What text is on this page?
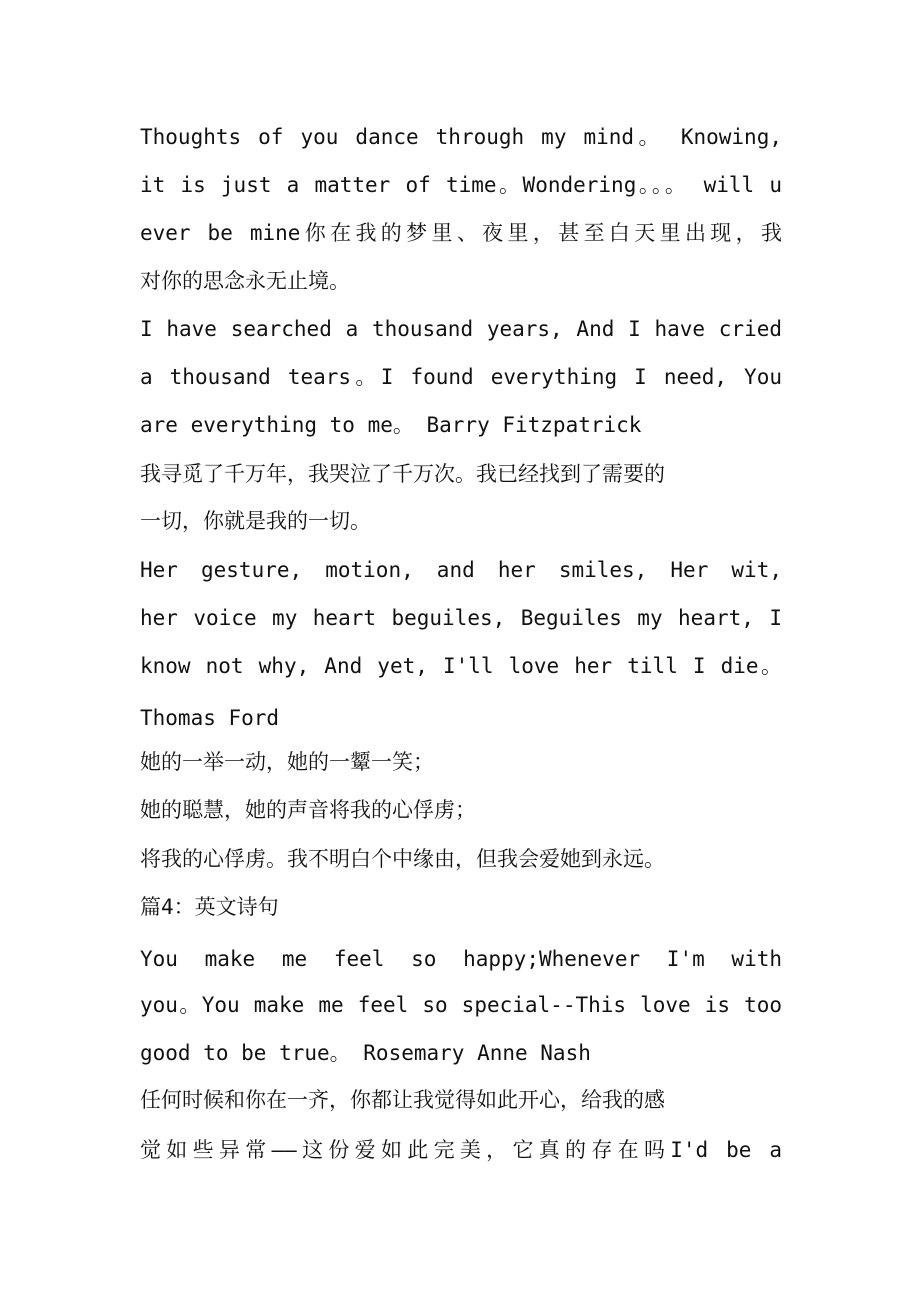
Thoughts of you dance through my mind。 Knowing,
it is just a matter of time。Wondering。。。 will u
ever be mine你在我的梦里、夜里，甚至白天里出现，我
对你的思念永无止境。
I have searched a thousand years, And I have cried
a thousand tears。I found everything I need, You
are everything to me。 Barry Fitzpatrick
我寻觅了千万年，我哭泣了千万次。我已经找到了需要的
一切，你就是我的一切。
Her gesture, motion, and her smiles, Her wit,
her voice my heart beguiles, Beguiles my heart, I
know not why, And yet, I'll love her till I die。
Thomas Ford
她的一举一动，她的一颦一笑；
她的聪慧，她的声音将我的心俘虏；
将我的心俘虏。我不明白个中缘由，但我会爱她到永远。
篇4：英文诗句
You make me feel so happy;Whenever I'm with
you。You make me feel so special--This love is too
good to be true。 Rosemary Anne Nash
任何时候和你在一齐，你都让我觉得如此开心，给我的感
觉如些异常——这份爱如此完美，它真的存在吗I'd be a
